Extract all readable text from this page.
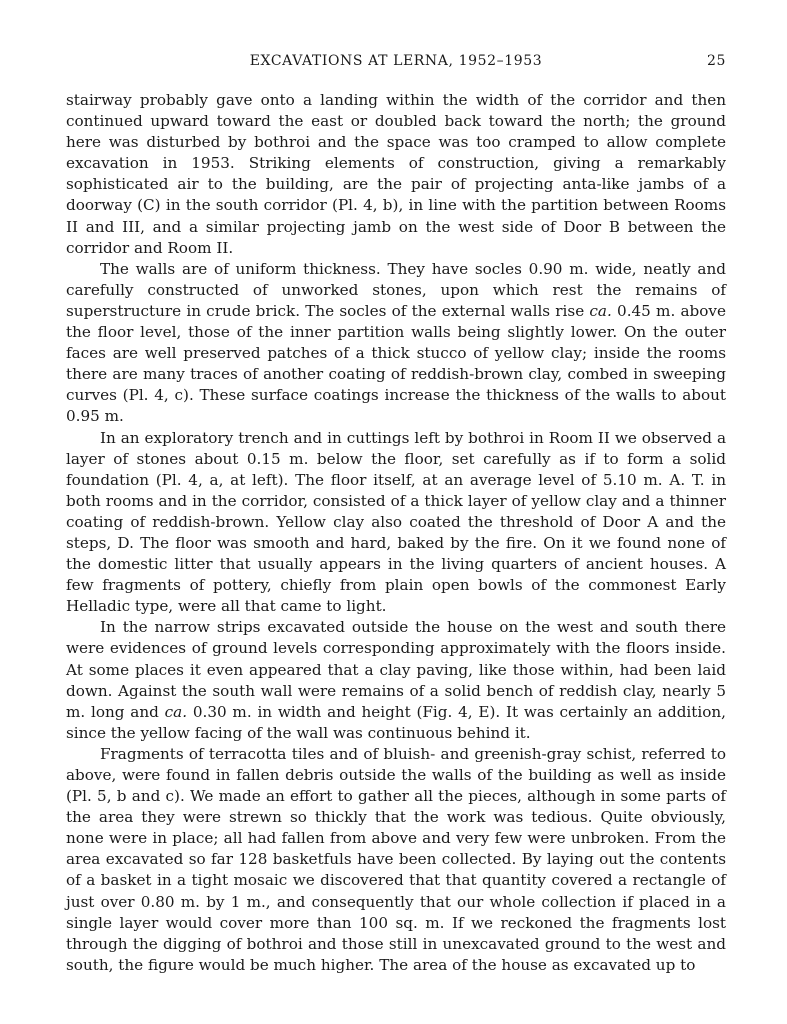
EXCAVATIONS AT LERNA, 1952–1953	25

stairway probably gave onto a landing within the width of the corridor and then continued upward toward the east or doubled back toward the north; the ground here was disturbed by bothroi and the space was too cramped to allow complete excavation in 1953. Striking elements of construction, giving a remarkably sophisticated air to the building, are the pair of projecting anta-like jambs of a doorway (C) in the south corridor (Pl. 4, b), in line with the partition between Rooms II and III, and a similar projecting jamb on the west side of Door B between the corridor and Room II.

The walls are of uniform thickness. They have socles 0.90 m. wide, neatly and carefully constructed of unworked stones, upon which rest the remains of superstructure in crude brick. The socles of the external walls rise ca. 0.45 m. above the floor level, those of the inner partition walls being slightly lower. On the outer faces are well preserved patches of a thick stucco of yellow clay; inside the rooms there are many traces of another coating of reddish-brown clay, combed in sweeping curves (Pl. 4, c). These surface coatings increase the thickness of the walls to about 0.95 m.

In an exploratory trench and in cuttings left by bothroi in Room II we observed a layer of stones about 0.15 m. below the floor, set carefully as if to form a solid foundation (Pl. 4, a, at left). The floor itself, at an average level of 5.10 m. A. T. in both rooms and in the corridor, consisted of a thick layer of yellow clay and a thinner coating of reddish-brown. Yellow clay also coated the threshold of Door A and the steps, D. The floor was smooth and hard, baked by the fire. On it we found none of the domestic litter that usually appears in the living quarters of ancient houses. A few fragments of pottery, chiefly from plain open bowls of the commonest Early Helladic type, were all that came to light.

In the narrow strips excavated outside the house on the west and south there were evidences of ground levels corresponding approximately with the floors inside. At some places it even appeared that a clay paving, like those within, had been laid down. Against the south wall were remains of a solid bench of reddish clay, nearly 5 m. long and ca. 0.30 m. in width and height (Fig. 4, E). It was certainly an addition, since the yellow facing of the wall was continuous behind it.

Fragments of terracotta tiles and of bluish- and greenish-gray schist, referred to above, were found in fallen debris outside the walls of the building as well as inside (Pl. 5, b and c). We made an effort to gather all the pieces, although in some parts of the area they were strewn so thickly that the work was tedious. Quite obviously, none were in place; all had fallen from above and very few were unbroken. From the area excavated so far 128 basketfuls have been collected. By laying out the contents of a basket in a tight mosaic we discovered that that quantity covered a rectangle of just over 0.80 m. by 1 m., and consequently that our whole collection if placed in a single layer would cover more than 100 sq. m. If we reckoned the fragments lost through the digging of bothroi and those still in unexcavated ground to the west and south, the figure would be much higher. The area of the house as excavated up to
